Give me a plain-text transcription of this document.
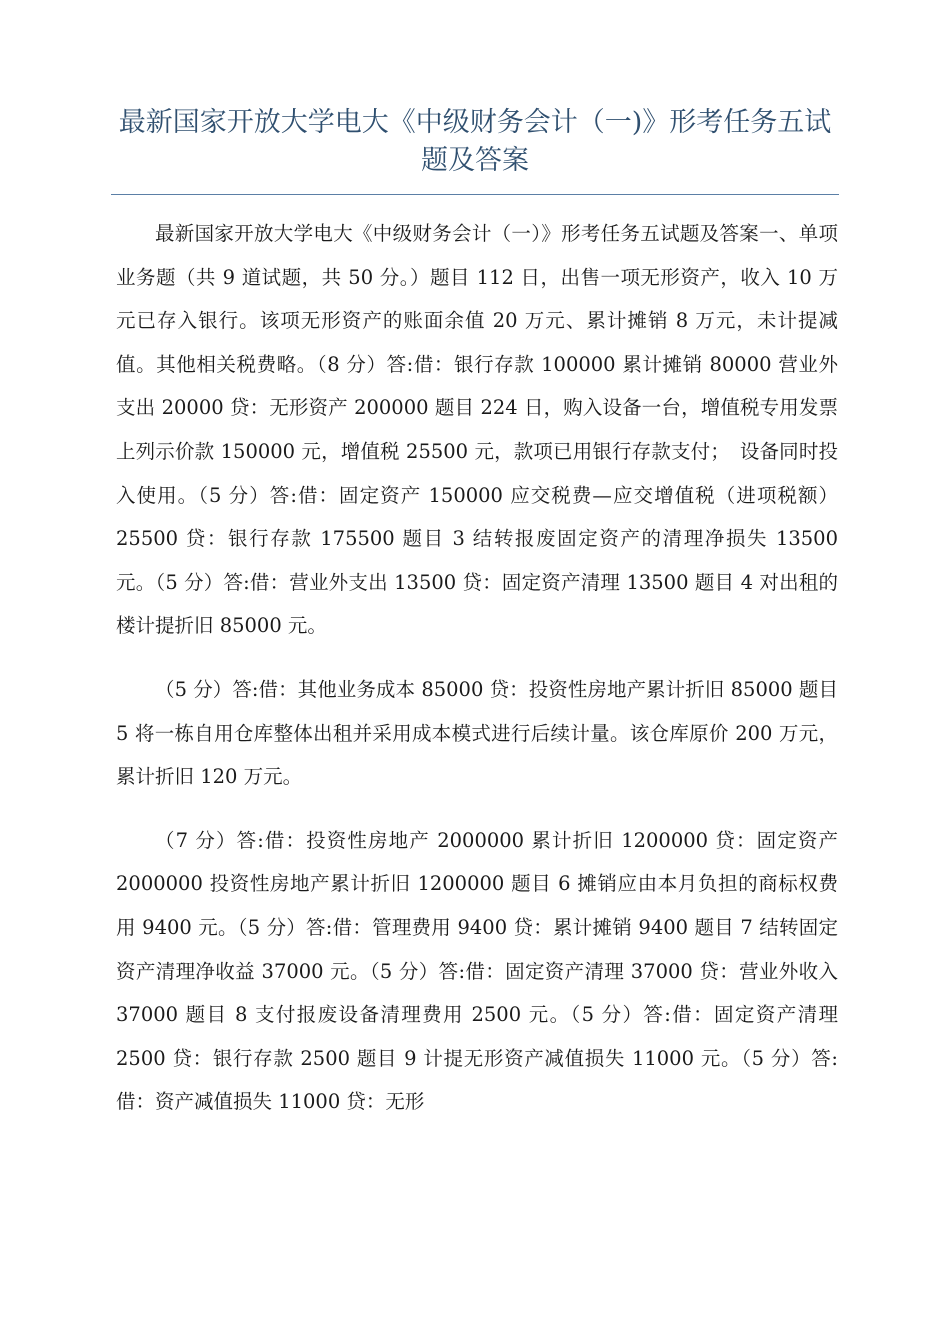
最新国家开放大学电大《中级财务会计（一)》形考任务五试题及答案

最新国家开放大学电大《中级财务会计（一）》形考任务五试题及答案一、单项业务题（共 9 道试题，共 50 分。）题目 112 日，出售一项无形资产，收入 10 万元已存入银行。该项无形资产的账面余值 20 万元、累计摊销 8 万元，未计提减值。其他相关税费略。（8 分）答:借：银行存款 100000 累计摊销 80000 营业外支出 20000 贷：无形资产 200000 题目 224 日，购入设备一台，增值税专用发票上列示价款 150000 元，增值税 25500 元，款项已用银行存款支付；　设备同时投入使用。（5 分）答:借：固定资产 150000 应交税费—应交增值税（进项税额）25500 贷：银行存款 175500 题目 3 结转报废固定资产的清理净损失 13500 元。（5 分）答:借：营业外支出 13500 贷：固定资产清理 13500 题目 4 对出租的楼计提折旧 85000 元。

（5 分）答:借：其他业务成本 85000 贷：投资性房地产累计折旧 85000 题目 5 将一栋自用仓库整体出租并采用成本模式进行后续计量。该仓库原价 200 万元，累计折旧 120 万元。

（7 分）答:借：投资性房地产 2000000 累计折旧 1200000 贷：固定资产 2000000 投资性房地产累计折旧 1200000 题目 6 摊销应由本月负担的商标权费用 9400 元。（5 分）答:借：管理费用 9400 贷：累计摊销 9400 题目 7 结转固定资产清理净收益 37000 元。（5 分）答:借：固定资产清理 37000 贷：营业外收入 37000 题目 8 支付报废设备清理费用 2500 元。（5 分）答:借：固定资产清理 2500 贷：银行存款 2500 题目 9 计提无形资产减值损失 11000 元。（5 分）答:借：资产减值损失 11000 贷：无形
